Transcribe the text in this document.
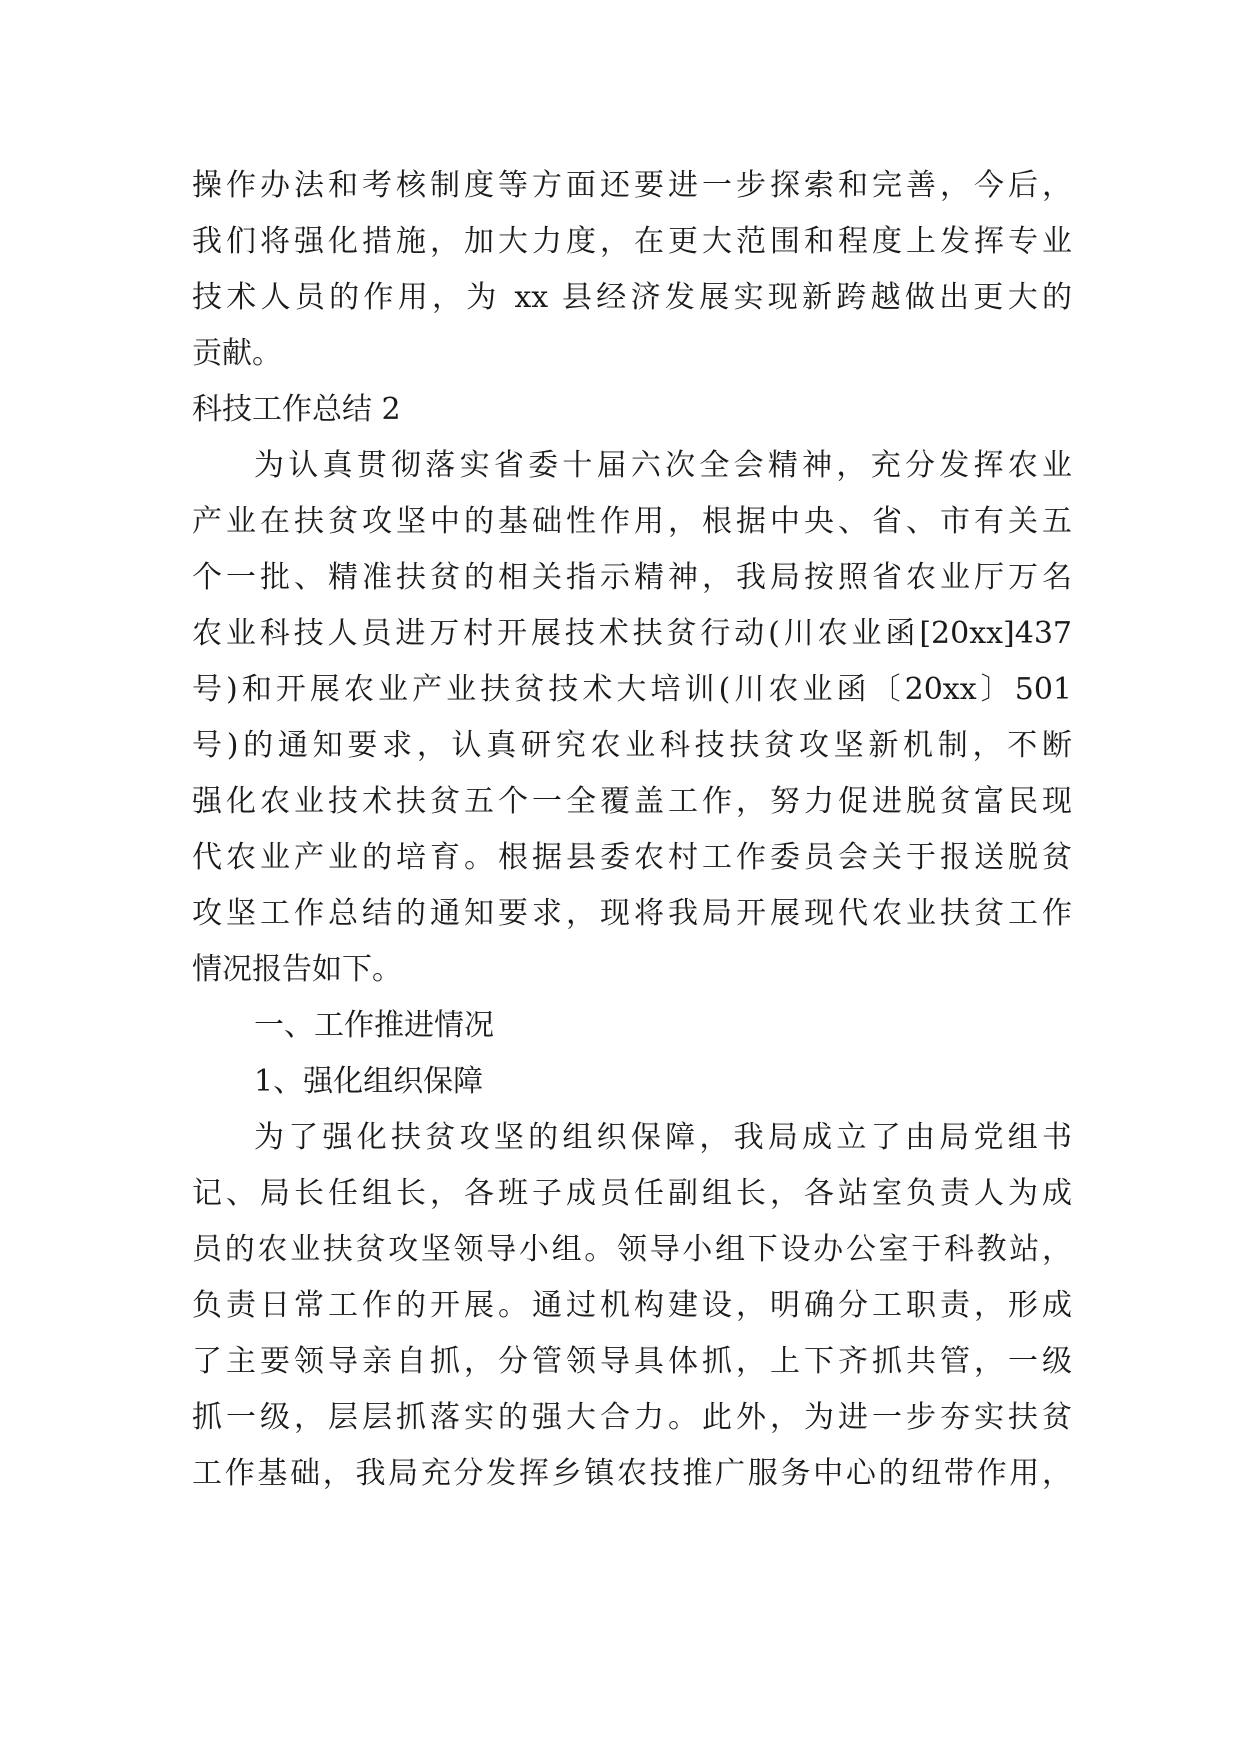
操作办法和考核制度等方面还要进一步探索和完善，今后，
我们将强化措施，加大力度，在更大范围和程度上发挥专业
技术人员的作用，为 xx 县经济发展实现新跨越做出更大的
贡献。
科技工作总结 2
为认真贯彻落实省委十届六次全会精神，充分发挥农业
产业在扶贫攻坚中的基础性作用，根据中央、省、市有关五
个一批、精准扶贫的相关指示精神，我局按照省农业厅万名
农业科技人员进万村开展技术扶贫行动(川农业函[20xx]437
号)和开展农业产业扶贫技术大培训(川农业函〔20xx〕501
号)的通知要求，认真研究农业科技扶贫攻坚新机制，不断
强化农业技术扶贫五个一全覆盖工作，努力促进脱贫富民现
代农业产业的培育。根据县委农村工作委员会关于报送脱贫
攻坚工作总结的通知要求，现将我局开展现代农业扶贫工作
情况报告如下。
一、工作推进情况
1、强化组织保障
为了强化扶贫攻坚的组织保障，我局成立了由局党组书
记、局长任组长，各班子成员任副组长，各站室负责人为成
员的农业扶贫攻坚领导小组。领导小组下设办公室于科教站，
负责日常工作的开展。通过机构建设，明确分工职责，形成
了主要领导亲自抓，分管领导具体抓，上下齐抓共管，一级
抓一级，层层抓落实的强大合力。此外，为进一步夯实扶贫
工作基础，我局充分发挥乡镇农技推广服务中心的纽带作用，
